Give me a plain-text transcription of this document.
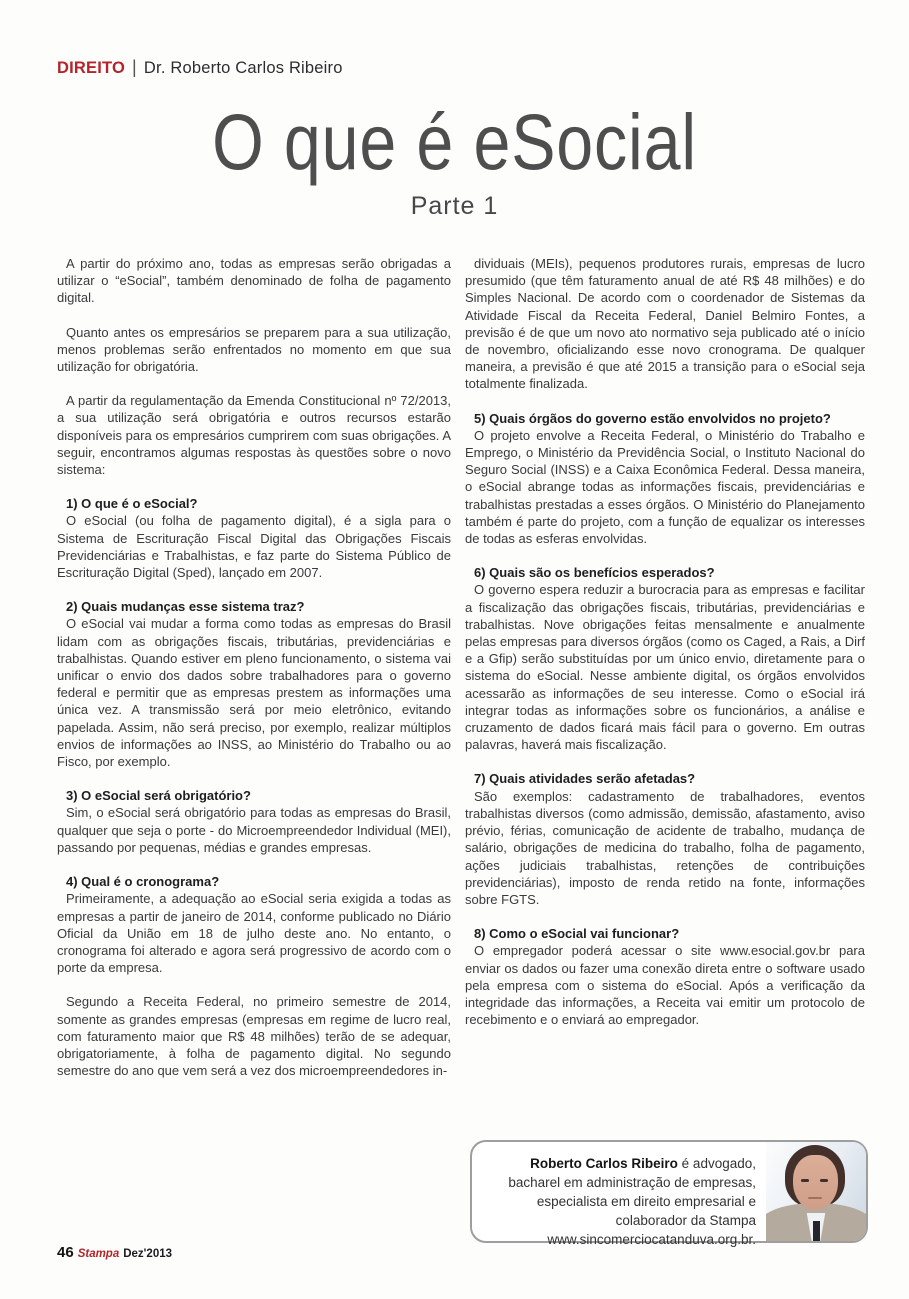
DIREITO | Dr. Roberto Carlos Ribeiro
O que é eSocial
Parte 1

A partir do próximo ano, todas as empresas serão obrigadas a utilizar o “eSocial”, também denominado de folha de pagamento digital.

Quanto antes os empresários se preparem para a sua utilização, menos problemas serão enfrentados no momento em que sua utilização for obrigatória.

A partir da regulamentação da Emenda Constitucional nº 72/2013, a sua utilização será obrigatória e outros recursos estarão disponíveis para os empresários cumprirem com suas obrigações. A seguir, encontramos algumas respostas às questões sobre o novo sistema:

1) O que é o eSocial?

O eSocial (ou folha de pagamento digital), é a sigla para o Sistema de Escrituração Fiscal Digital das Obrigações Fiscais Previdenciárias e Trabalhistas, e faz parte do Sistema Público de Escrituração Digital (Sped), lançado em 2007.

2) Quais mudanças esse sistema traz?

O eSocial vai mudar a forma como todas as empresas do Brasil lidam com as obrigações fiscais, tributárias, previdenciárias e trabalhistas. Quando estiver em pleno funcionamento, o sistema vai unificar o envio dos dados sobre trabalhadores para o governo federal e permitir que as empresas prestem as informações uma única vez. A transmissão será por meio eletrônico, evitando papelada. Assim, não será preciso, por exemplo, realizar múltiplos envios de informações ao INSS, ao Ministério do Trabalho ou ao Fisco, por exemplo.

3) O eSocial será obrigatório?

Sim, o eSocial será obrigatório para todas as empresas do Brasil, qualquer que seja o porte - do Microempreendedor Individual (MEI), passando por pequenas, médias e grandes empresas.

4) Qual é o cronograma?

Primeiramente, a adequação ao eSocial seria exigida a todas as empresas a partir de janeiro de 2014, conforme publicado no Diário Oficial da União em 18 de julho deste ano. No entanto, o cronograma foi alterado e agora será progressivo de acordo com o porte da empresa.

Segundo a Receita Federal, no primeiro semestre de 2014, somente as grandes empresas (empresas em regime de lucro real, com faturamento maior que R$ 48 milhões) terão de se adequar, obrigatoriamente, à folha de pagamento digital. No segundo semestre do ano que vem será a vez dos microempreendedores in-

dividuais (MEIs), pequenos produtores rurais, empresas de lucro presumido (que têm faturamento anual de até R$ 48 milhões) e do Simples Nacional. De acordo com o coordenador de Sistemas da Atividade Fiscal da Receita Federal, Daniel Belmiro Fontes, a previsão é de que um novo ato normativo seja publicado até o início de novembro, oficializando esse novo cronograma. De qualquer maneira, a previsão é que até 2015 a transição para o eSocial seja totalmente finalizada.

5) Quais órgãos do governo estão envolvidos no projeto?

O projeto envolve a Receita Federal, o Ministério do Trabalho e Emprego, o Ministério da Previdência Social, o Instituto Nacional do Seguro Social (INSS) e a Caixa Econômica Federal. Dessa maneira, o eSocial abrange todas as informações fiscais, previdenciárias e trabalhistas prestadas a esses órgãos. O Ministério do Planejamento também é parte do projeto, com a função de equalizar os interesses de todas as esferas envolvidas.

6) Quais são os benefícios esperados?

O governo espera reduzir a burocracia para as empresas e facilitar a fiscalização das obrigações fiscais, tributárias, previdenciárias e trabalhistas. Nove obrigações feitas mensalmente e anualmente pelas empresas para diversos órgãos (como os Caged, a Rais, a Dirf e a Gfip) serão substituídas por um único envio, diretamente para o sistema do eSocial. Nesse ambiente digital, os órgãos envolvidos acessarão as informações de seu interesse. Como o eSocial irá integrar todas as informações sobre os funcionários, a análise e cruzamento de dados ficará mais fácil para o governo. Em outras palavras, haverá mais fiscalização.

7) Quais atividades serão afetadas?

São exemplos: cadastramento de trabalhadores, eventos trabalhistas diversos (como admissão, demissão, afastamento, aviso prévio, férias, comunicação de acidente de trabalho, mudança de salário, obrigações de medicina do trabalho, folha de pagamento, ações judiciais trabalhistas, retenções de contribuições previdenciárias), imposto de renda retido na fonte, informações sobre FGTS.

8) Como o eSocial vai funcionar?

O empregador poderá acessar o site www.esocial.gov.br para enviar os dados ou fazer uma conexão direta entre o software usado pela empresa com o sistema do eSocial. Após a verificação da integridade das informações, a Receita vai emitir um protocolo de recebimento e o enviará ao empregador.

Roberto Carlos Ribeiro é advogado, bacharel em administração de empresas, especialista em direito empresarial e colaborador da Stampa www.sincomerciocatanduva.org.br.
46 Stampa Dez'2013
